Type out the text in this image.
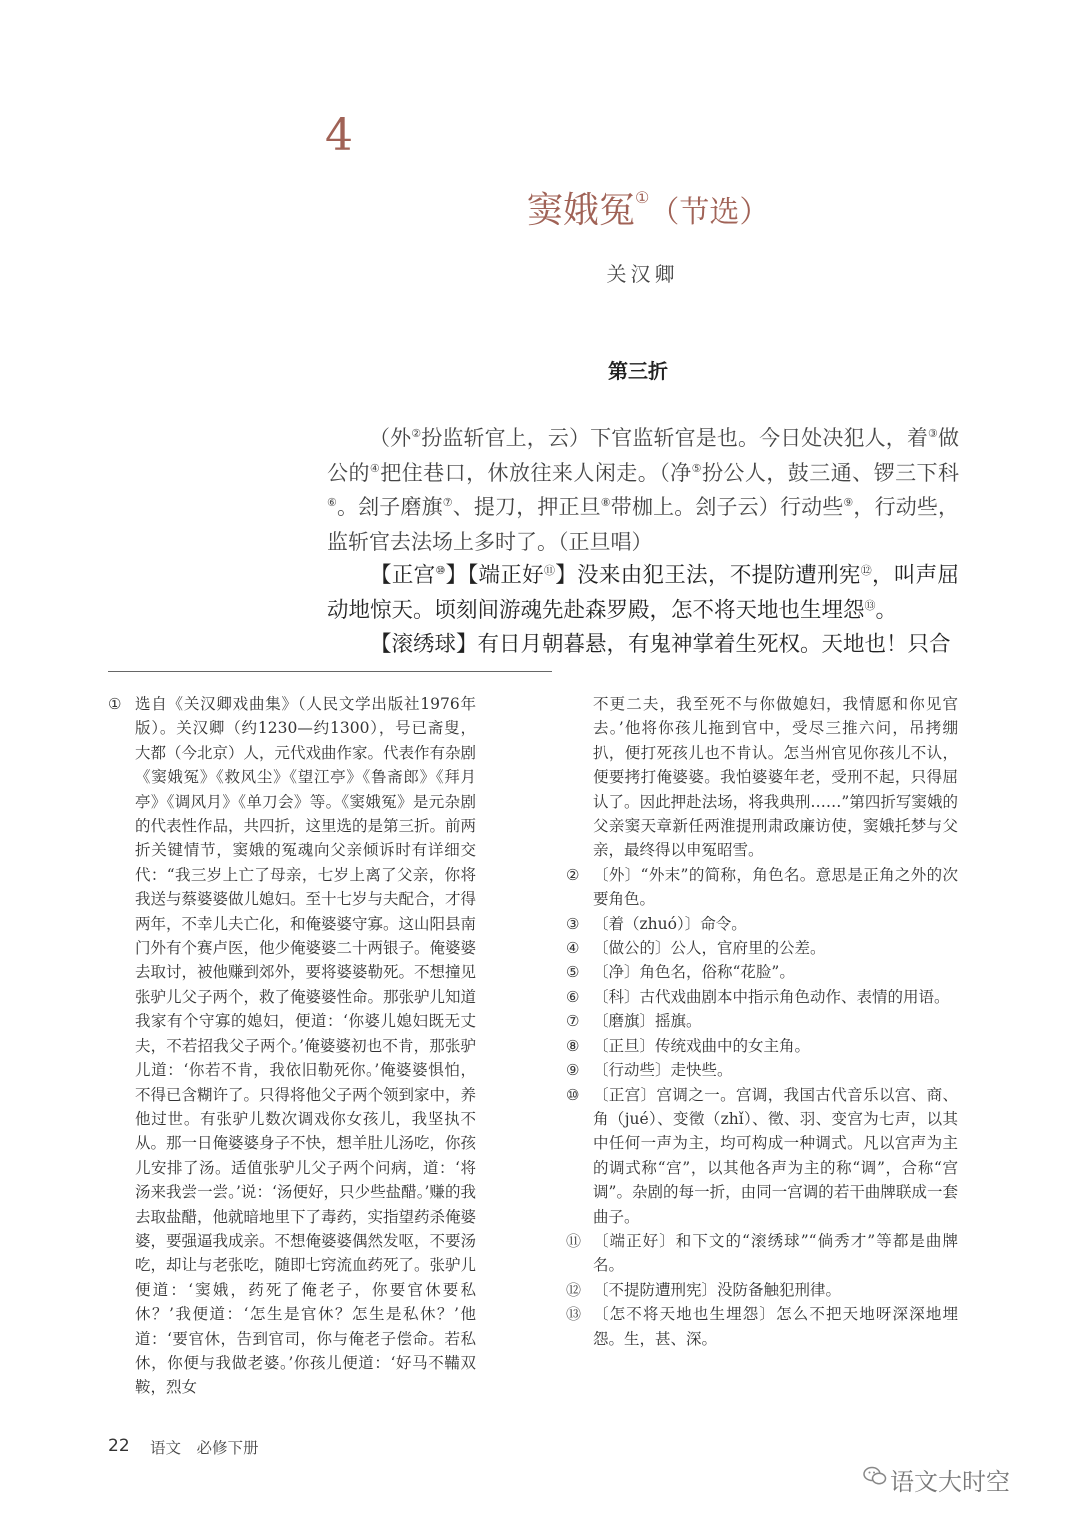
4
窦娥冤①（节选）
关汉卿
第三折

（外②扮监斩官上，云）下官监斩官是也。今日处决犯人，着③做公的④把住巷口，休放往来人闲走。（净⑤扮公人，鼓三通、锣三下科⑥。刽子磨旗⑦、提刀，押正旦⑧带枷上。刽子云）行动些⑨，行动些，监斩官去法场上多时了。（正旦唱）

【正宫⑩】【端正好⑪】没来由犯王法，不提防遭刑宪⑫，叫声屈动地惊天。顷刻间游魂先赴森罗殿，怎不将天地也生埋怨⑬。

【滚绣球】有日月朝暮悬，有鬼神掌着生死权。天地也！只合

① 选自《关汉卿戏曲集》（人民文学出版社1976年版）。关汉卿（约1230—约1300），号已斋叟，大都（今北京）人，元代戏曲作家。代表作有杂剧《窦娥冤》《救风尘》《望江亭》《鲁斋郎》《拜月亭》《调风月》《单刀会》等。《窦娥冤》是元杂剧的代表性作品，共四折，这里选的是第三折。前两折关键情节，窦娥的冤魂向父亲倾诉时有详细交代：“我三岁上亡了母亲，七岁上离了父亲，你将我送与蔡婆婆做儿媳妇。至十七岁与夫配合，才得两年，不幸儿夫亡化，和俺婆婆守寡。这山阳县南门外有个赛卢医，他少俺婆婆二十两银子。俺婆婆去取讨，被他赚到郊外，要将婆婆勒死。不想撞见张驴儿父子两个，救了俺婆婆性命。那张驴儿知道我家有个守寡的媳妇，便道：‘你婆儿媳妇既无丈夫，不若招我父子两个。’俺婆婆初也不肯，那张驴儿道：‘你若不肯，我依旧勒死你。’俺婆婆惧怕，不得已含糊许了。只得将他父子两个领到家中，养他过世。有张驴儿数次调戏你女孩儿，我坚执不从。那一日俺婆婆身子不快，想羊肚儿汤吃，你孩儿安排了汤。适值张驴儿父子两个问病，道：‘将汤来我尝一尝。’说：‘汤便好，只少些盐醋。’赚的我去取盐醋，他就暗地里下了毒药，实指望药杀俺婆婆，要强逼我成亲。不想俺婆婆偶然发呕，不要汤吃，却让与老张吃，随即七窍流血药死了。张驴儿便道：‘窦娥，药死了俺老子，你要官休要私休？’我便道：‘怎生是官休？怎生是私休？’他道：‘要官休，告到官司，你与俺老子偿命。若私休，你便与我做老婆。’你孩儿便道：‘好马不鞴双鞍，烈女

不更二夫，我至死不与你做媳妇，我情愿和你见官去。’他将你孩儿拖到官中，受尽三推六问，吊拷绷扒，便打死孩儿也不肯认。怎当州官见你孩儿不认，便要拷打俺婆婆。我怕婆婆年老，受刑不起，只得屈认了。因此押赴法场，将我典刑……”第四折写窦娥的父亲窦天章新任两淮提刑肃政廉访使，窦娥托梦与父亲，最终得以申冤昭雪。

② 〔外〕“外末”的简称，角色名。意思是正角之外的次要角色。

③ 〔着（zhuó）〕命令。

④ 〔做公的〕公人，官府里的公差。

⑤ 〔净〕角色名，俗称“花脸”。

⑥ 〔科〕古代戏曲剧本中指示角色动作、表情的用语。

⑦ 〔磨旗〕摇旗。

⑧ 〔正旦〕传统戏曲中的女主角。

⑨ 〔行动些〕走快些。

⑩ 〔正宫〕宫调之一。宫调，我国古代音乐以宫、商、角（jué）、变徵（zhǐ）、徵、羽、变宫为七声，以其中任何一声为主，均可构成一种调式。凡以宫声为主的调式称“宫”，以其他各声为主的称“调”，合称“宫调”。杂剧的每一折，由同一宫调的若干曲牌联成一套曲子。

⑪ 〔端正好〕和下文的“滚绣球”“倘秀才”等都是曲牌名。

⑫ 〔不提防遭刑宪〕没防备触犯刑律。

⑬ 〔怎不将天地也生埋怨〕怎么不把天地呀深深地埋怨。生，甚、深。

22 语文　必修下册
语文大时空
